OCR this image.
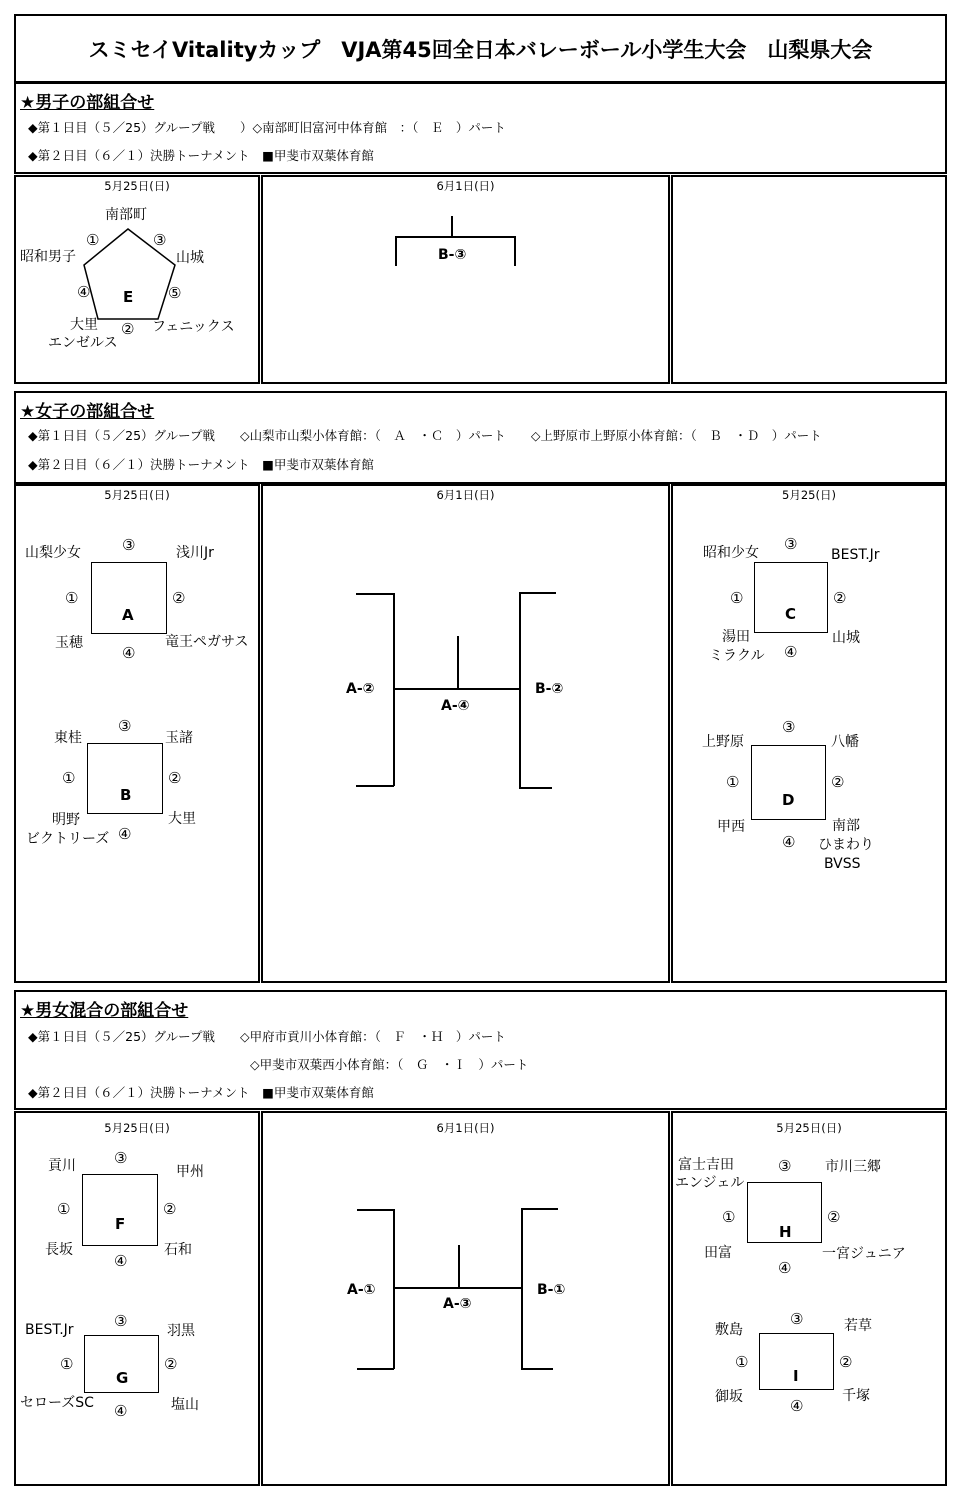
スミセイVitalityカップ　VJA第45回全日本バレーボール小学生大会　山梨県大会
★男子の部組合せ
◆第１日目（５／25）グループ戦　　）◇南部町旧富河中体育館　：（　Ｅ　）パート
◆第２日目（６／１）決勝トーナメント　■甲斐市双葉体育館
5月25日(日)	6月1日(日)
E
南部町
山城
フェニックス
大里
エンゼルス
昭和男子
①	③
④	⑤
②
B-③
★女子の部組合せ
◆第１日目（５／25）グループ戦　　◇山梨市山梨小体育館：（　Ａ　・Ｃ　）パート　　◇上野原市上野原小体育館：（　Ｂ　・Ｄ　）パート
◆第２日目（６／１）決勝トーナメント　■甲斐市双葉体育館
5月25日(日)	6月1日(日)	5月25(日)
A
山梨少女	浅川Jr
玉穂	竜王ペガサス
③
①	②
④
B
東桂	玉諸
明野
ビクトリーズ
大里
③
①	②
④
C
昭和少女	BEST.Jr
湯田
ミラクル
山城
③
①	②
④
D
上野原	八幡
甲西	南部
ひまわり
BVSS
③
①	②
④
A-②
A-④
B-②
★男女混合の部組合せ
◆第１日目（５／25）グループ戦　　◇甲府市貢川小体育館：（　Ｆ　・Ｈ　）パート
◇甲斐市双葉西小体育館：（　Ｇ　・Ｉ　）パート
◆第２日目（６／１）決勝トーナメント　■甲斐市双葉体育館
5月25日(日)	6月1日(日)	5月25日(日)
F
貢川	甲州
長坂	石和
③
①	②
④
G
BEST.Jr	羽黒
セローズSC	塩山
③
①	②
④
H
富士吉田
エンジェル
市川三郷
田富	一宮ジュニア
③
①	②
④
I
敷島	若草
御坂	千塚
③
①	②
④
A-①
A-③
B-①
